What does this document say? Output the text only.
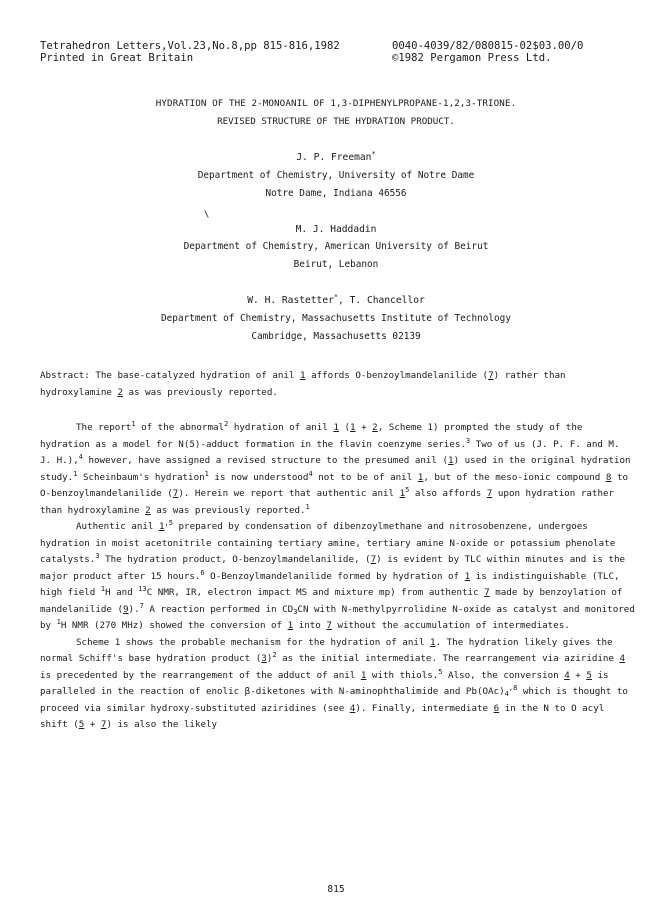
Tetrahedron Letters,Vol.23,No.8,pp 815-816,1982
Printed in Great Britain
0040-4039/82/080815-02$03.00/0
©1982 Pergamon Press Ltd.
HYDRATION OF THE 2-MONOANIL OF 1,3-DIPHENYLPROPANE-1,2,3-TRIONE.
REVISED STRUCTURE OF THE HYDRATION PRODUCT.
J. P. Freeman*
Department of Chemistry, University of Notre Dame
Notre Dame, Indiana 46556
\
M. J. Haddadin
Department of Chemistry, American University of Beirut
Beirut, Lebanon
W. H. Rastetter*, T. Chancellor
Department of Chemistry, Massachusetts Institute of Technology
Cambridge, Massachusetts 02139
Abstract: The base-catalyzed hydration of anil 1 affords O-benzoylmandelanilide (7) rather than hydroxylamine 2 as was previously reported.

The report$^1$ of the abnormal$^2$ hydration of anil 1 (1 + 2, Scheme 1) prompted the study of the hydration as a model for N(5)-adduct formation in the flavin coenzyme series.$^3$ Two of us (J. P. F. and M. J. H.),$^4$ however, have assigned a revised structure to the presumed anil (1) used in the original hydration study.$^1$ Scheinbaum's hydration$^1$ is now understood$^4$ not to be of anil 1, but of the meso-ionic compound 8 to O-benzoylmandelanilide (7). Herein we report that authentic anil $1^5$ also affords 7 upon hydration rather than hydroxylamine 2 as was previously reported.$^1$

Authentic anil $1^{,5}$ prepared by condensation of dibenzoylmethane and nitrosobenzene, undergoes hydration in moist acetonitrile containing tertiary amine, tertiary amine N-oxide or potassium phenolate catalysts.$^3$ The hydration product, O-benzoylmandelanilide, (7) is evident by TLC within minutes and is the major product after 15 hours.$^6$ O-Benzoylmandelanilide formed by hydration of 1 is indistinguishable (TLC, high field $^1$H and $^{13}$C NMR, IR, electron impact MS and mixture mp) from authentic 7 made by benzoylation of mandelanilide (9).$^7$ A reaction performed in $CD_3CN$ with N-methylpyrrolidine N-oxide as catalyst and monitored by $^1$H NMR (270 MHz) showed the conversion of 1 into 7 without the accumulation of intermediates.

Scheme 1 shows the probable mechanism for the hydration of anil 1. The hydration likely gives the normal Schiff's base hydration product $(3)^2$ as the initial intermediate. The rearrangement via aziridine 4 is precedented by the rearrangement of the adduct of anil 1 with thiols.$^5$ Also, the conversion 4 + 5 is paralleled in the reaction of enolic β-diketones with N-aminophthalimide and $Pb(OAc)_4^{,8}$ which is thought to proceed via similar hydroxy-substituted aziridines (see 4). Finally, intermediate 6 in the N to O acyl shift (5 + 7) is also the likely

815
